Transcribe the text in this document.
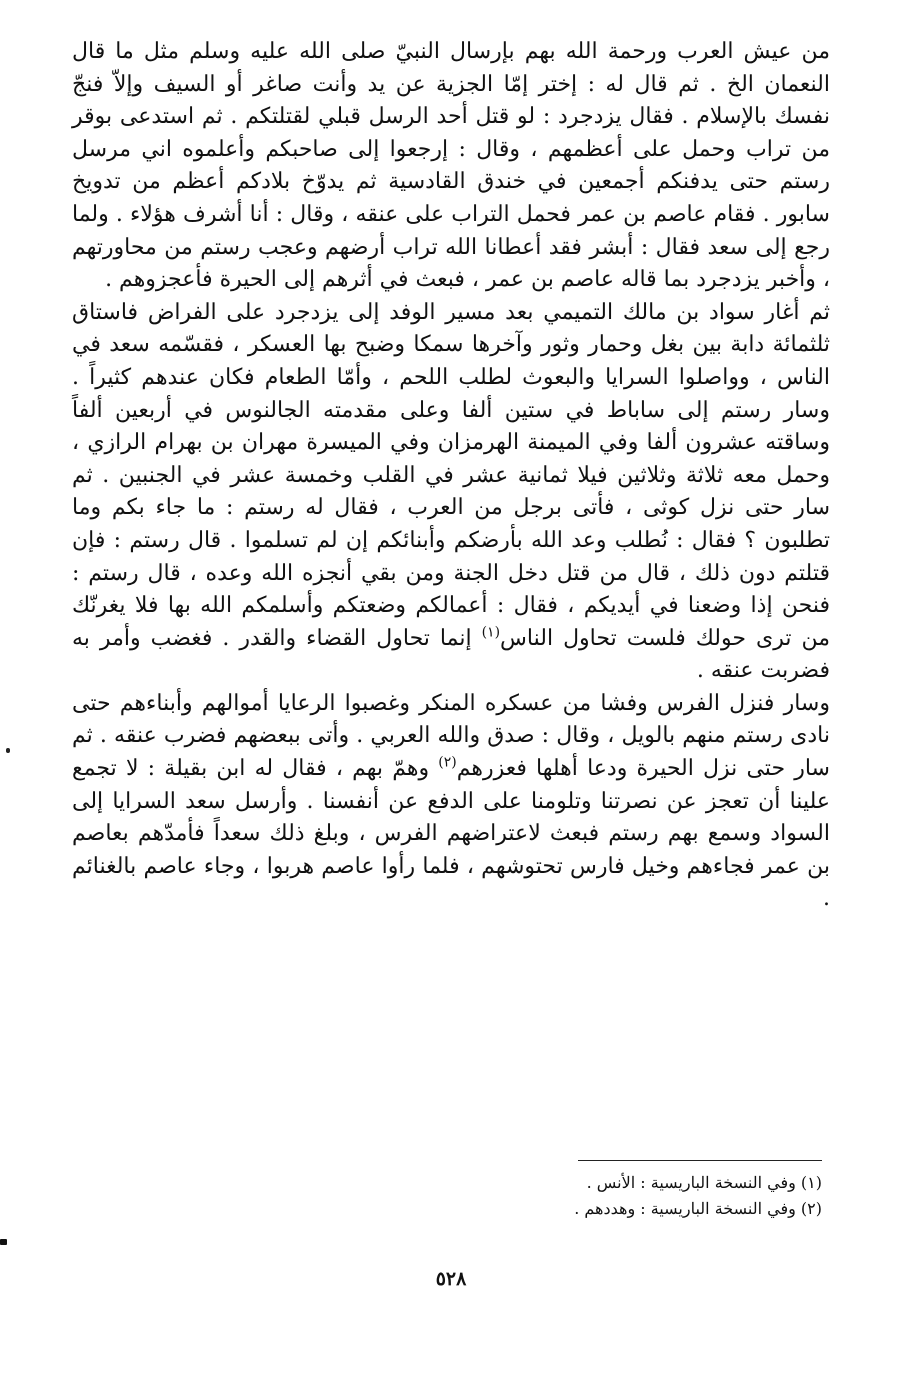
من عيش العرب ورحمة الله بهم بإرسال النبيّ صلى الله عليه وسلم مثل ما قال النعمان الخ . ثم قال له : إختر إمّا الجزية عن يد وأنت صاغر أو السيف وإلاّ فنجّ نفسك بالإسلام . فقال يزدجرد : لو قتل أحد الرسل قبلي لقتلتكم . ثم استدعى بوقر من تراب وحمل على أعظمهم ، وقال : إرجعوا إلى صاحبكم وأعلموه اني مرسل رستم حتى يدفنكم أجمعين في خندق القادسية ثم يدوّخ بلادكم أعظم من تدويخ سابور . فقام عاصم بن عمر فحمل التراب على عنقه ، وقال : أنا أشرف هؤلاء . ولما رجع إلى سعد فقال : أبشر فقد أعطانا الله تراب أرضهم وعجب رستم من محاورتهم ، وأخبر يزدجرد بما قاله عاصم بن عمر ، فبعث في أثرهم إلى الحيرة فأعجزوهم .

ثم أغار سواد بن مالك التميمي بعد مسير الوفد إلى يزدجرد على الفراض فاستاق ثلثمائة دابة بين بغل وحمار وثور وآخرها سمكا وضبح بها العسكر ، فقسّمه سعد في الناس ، وواصلوا السرايا والبعوث لطلب اللحم ، وأمّا الطعام فكان عندهم كثيراً . وسار رستم إلى ساباط في ستين ألفا وعلى مقدمته الجالنوس في أربعين ألفاً وساقته عشرون ألفا وفي الميمنة الهرمزان وفي الميسرة مهران بن بهرام الرازي ، وحمل معه ثلاثة وثلاثين فيلا ثمانية عشر في القلب وخمسة عشر في الجنبين . ثم سار حتى نزل كوثى ، فأتى برجل من العرب ، فقال له رستم : ما جاء بكم وما تطلبون ؟ فقال : نُطلب وعد الله بأرضكم وأبنائكم إن لم تسلموا . قال رستم : فإن قتلتم دون ذلك ، قال من قتل دخل الجنة ومن بقي أنجزه الله وعده ، قال رستم : فنحن إذا وضعنا في أيديكم ، فقال : أعمالكم وضعتكم وأسلمكم الله بها فلا يغرنّك من ترى حولك فلست تحاول الناس$^{(١)}$ إنما تحاول القضاء والقدر . فغضب وأمر به فضربت عنقه .

وسار فنزل الفرس وفشا من عسكره المنكر وغصبوا الرعايا أموالهم وأبناءهم حتى نادى رستم منهم بالويل ، وقال : صدق والله العربي . وأتى ببعضهم فضرب عنقه . ثم سار حتى نزل الحيرة ودعا أهلها فعزرهم$^{(٢)}$ وهمّ بهم ، فقال له ابن بقيلة : لا تجمع علينا أن تعجز عن نصرتنا وتلومنا على الدفع عن أنفسنا . وأرسل سعد السرايا إلى السواد وسمع بهم رستم فبعث لاعتراضهم الفرس ، وبلغ ذلك سعداً فأمدّهم بعاصم بن عمر فجاءهم وخيل فارس تحتوشهم ، فلما رأوا عاصم هربوا ، وجاء عاصم بالغنائم .

(١) وفي النسخة الباريسية : الأنس .

(٢) وفي النسخة الباريسية : وهددهم .

٥٢٨
